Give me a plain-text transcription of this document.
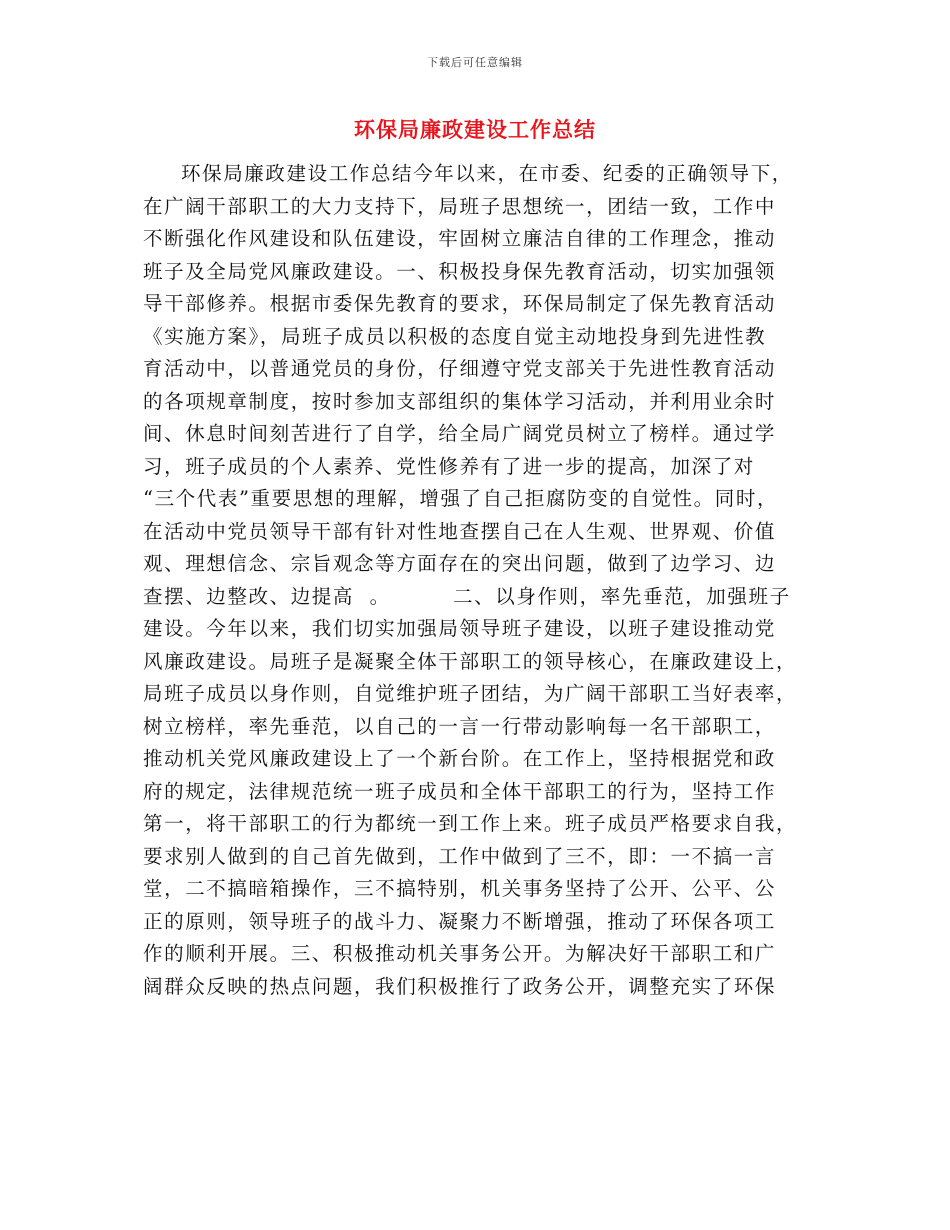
下载后可任意编辑
环保局廉政建设工作总结
环保局廉政建设工作总结今年以来，在市委、纪委的正确领导下，
在广阔干部职工的大力支持下，局班子思想统一，团结一致，工作中
不断强化作风建设和队伍建设，牢固树立廉洁自律的工作理念，推动
班子及全局党风廉政建设。一、积极投身保先教育活动，切实加强领
导干部修养。根据市委保先教育的要求，环保局制定了保先教育活动
《实施方案》，局班子成员以积极的态度自觉主动地投身到先进性教
育活动中，以普通党员的身份，仔细遵守党支部关于先进性教育活动
的各项规章制度，按时参加支部组织的集体学习活动，并利用业余时
间、休息时间刻苦进行了自学，给全局广阔党员树立了榜样。通过学
习，班子成员的个人素养、党性修养有了进一步的提高，加深了对
“三个代表”重要思想的理解，增强了自己拒腐防变的自觉性。同时，
在活动中党员领导干部有针对性地查摆自己在人生观、世界观、价值
观、理想信念、宗旨观念等方面存在的突出问题，做到了边学习、边
查摆、边整改、边提高  。        二、以身作则，率先垂范，加强班子
建设。今年以来，我们切实加强局领导班子建设，以班子建设推动党
风廉政建设。局班子是凝聚全体干部职工的领导核心，在廉政建设上，
局班子成员以身作则，自觉维护班子团结，为广阔干部职工当好表率，
树立榜样，率先垂范，以自己的一言一行带动影响每一名干部职工，
推动机关党风廉政建设上了一个新台阶。在工作上，坚持根据党和政
府的规定，法律规范统一班子成员和全体干部职工的行为，坚持工作
第一，将干部职工的行为都统一到工作上来。班子成员严格要求自我，
要求别人做到的自己首先做到，工作中做到了三不，即：一不搞一言
堂，二不搞暗箱操作，三不搞特别，机关事务坚持了公开、公平、公
正的原则，领导班子的战斗力、凝聚力不断增强，推动了环保各项工
作的顺利开展。三、积极推动机关事务公开。为解决好干部职工和广
阔群众反映的热点问题，我们积极推行了政务公开，调整充实了环保
